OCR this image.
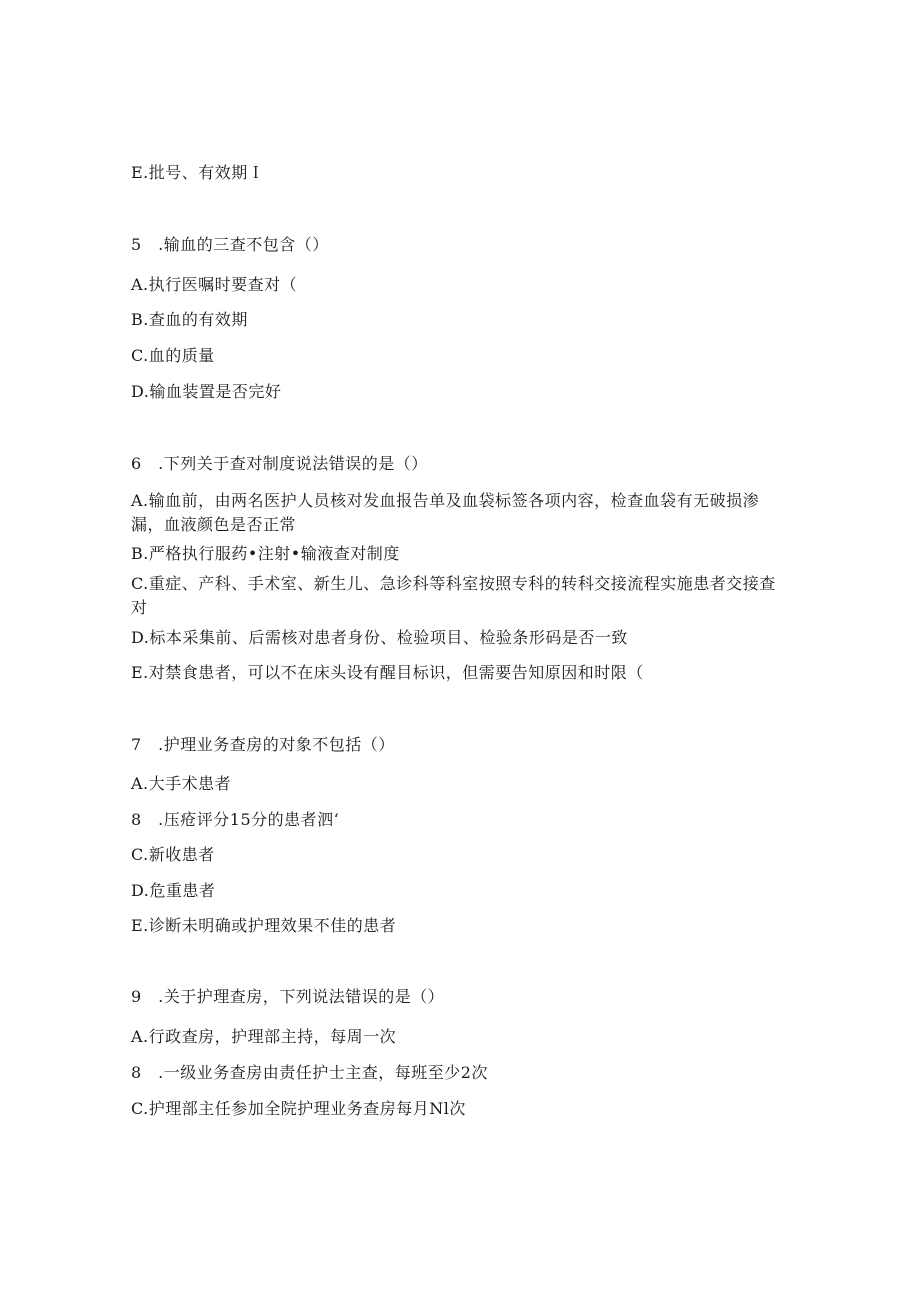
E.批号、有效期Ｉ
5　.输血的三查不包含（）
A.执行医嘱时要查对（
B.查血的有效期
C.血的质量
D.输血装置是否完好
6　.下列关于查对制度说法错误的是（）
A.输血前，由两名医护人员核对发血报告单及血袋标签各项内容，检查血袋有无破损渗漏，血液颜色是否正常
B.严格执行服药•注射•输液查对制度
C.重症、产科、手术室、新生儿、急诊科等科室按照专科的转科交接流程实施患者交接查对
D.标本采集前、后需核对患者身份、检验项目、检验条形码是否一致
E.对禁食患者，可以不在床头设有醒目标识，但需要告知原因和时限（
7　.护理业务查房的对象不包括（）
A.大手术患者
8　.压疮评分15分的患者泗‘
C.新收患者
D.危重患者
E.诊断未明确或护理效果不佳的患者
9　.关于护理查房，下列说法错误的是（）
A.行政查房，护理部主持，每周一次
8　.一级业务查房由责任护士主查，每班至少2次
C.护理部主任参加全院护理业务查房每月Nl次
